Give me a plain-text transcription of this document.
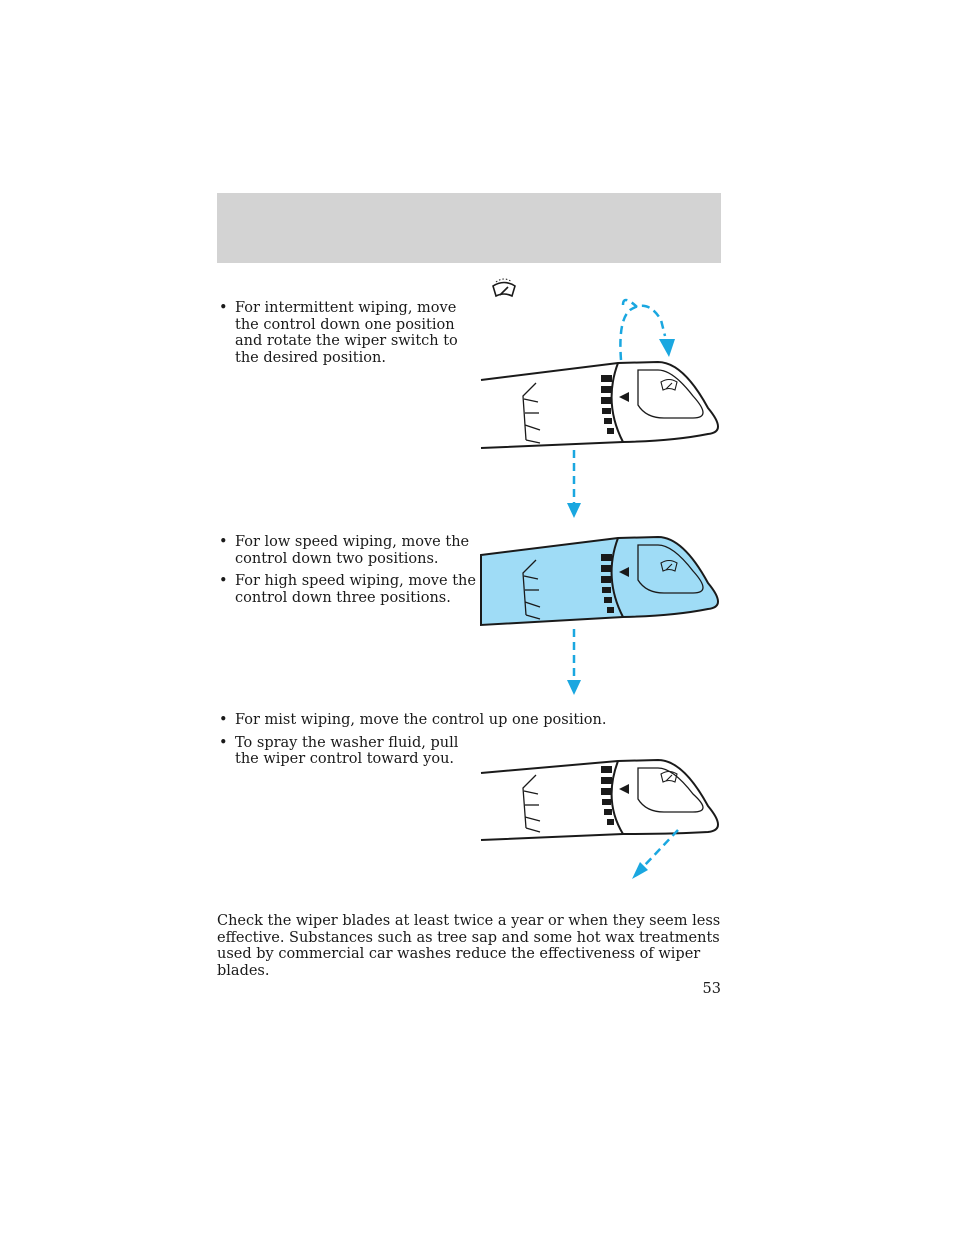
• For intermittent wiping, move the control down one position and rotate the wiper switch to the desired position.
• For low speed wiping, move the control down two positions.
• For high speed wiping, move the control down three positions.
• For mist wiping, move the control up one position.
• To spray the washer fluid, pull the wiper control toward you.

Check the wiper blades at least twice a year or when they seem less effective. Substances such as tree sap and some hot wax treatments used by commercial car washes reduce the effectiveness of wiper blades.

53
